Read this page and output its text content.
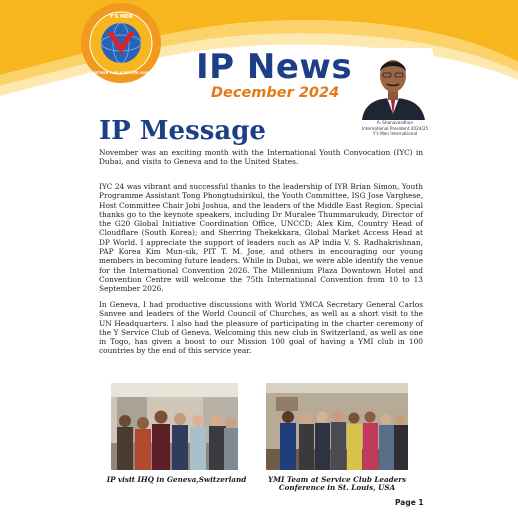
Y'S MEN
TOGETHER FOR A BETTER WORLD IP News
December 2024
A. Shanavasdhan
International President 2024/25
Y's Men International
IP Message

November was an exciting month with the International Youth Convocation (IYC) in Dubai, and visits to Geneva and to the United States.

IYC 24 was vibrant and successful thanks to the leadership of IYR Brian Simon, Youth Programme Assistant Tong Phongtudsirikul, the Youth Committee, ISG Jose Varghese, Host Committee Chair Jobi Joshua, and the leaders of the Middle East Region. Special thanks go to the keynote speakers, including Dr Muralee Thummarukudy, Director of the G20 Global Initiative Coordination Office, UNCCD; Alex Kim, Country Head of Cloudflare (South Korea); and Sherring Thekekkara, Global Market Access Head at DP World. I appreciate the support of leaders such as AP india V. S. Radhakrishnan, PAP Korea Kim Mun-sik, PIT T. M. Jose, and others in encouraging our young members in becoming future leaders. While in Dubai, we were able identify the venue for the International Convention 2026. The Millennium Plaza Downtown Hotel and Convention Centre will welcome the 75th International Convention from 10 to 13 September 2026.

In Geneva, I had productive discussions with World YMCA Secretary General Carlos Sanvee and leaders of the World Council of Churches, as well as a short visit to the UN Headquarters. I also had the pleasure of participating in the charter ceremony of the Y Service Club of Geneva. Welcoming this new club in Switzerland, as well as one in Togo, has given a boost to our Mission 100 goal of having a YMI club in 100 countries by the end of this service year.

IP visit IHQ in Geneva,Switzerland	YMI Team at Service Club Leaders Conference in St. Louis, USA
Page 1
